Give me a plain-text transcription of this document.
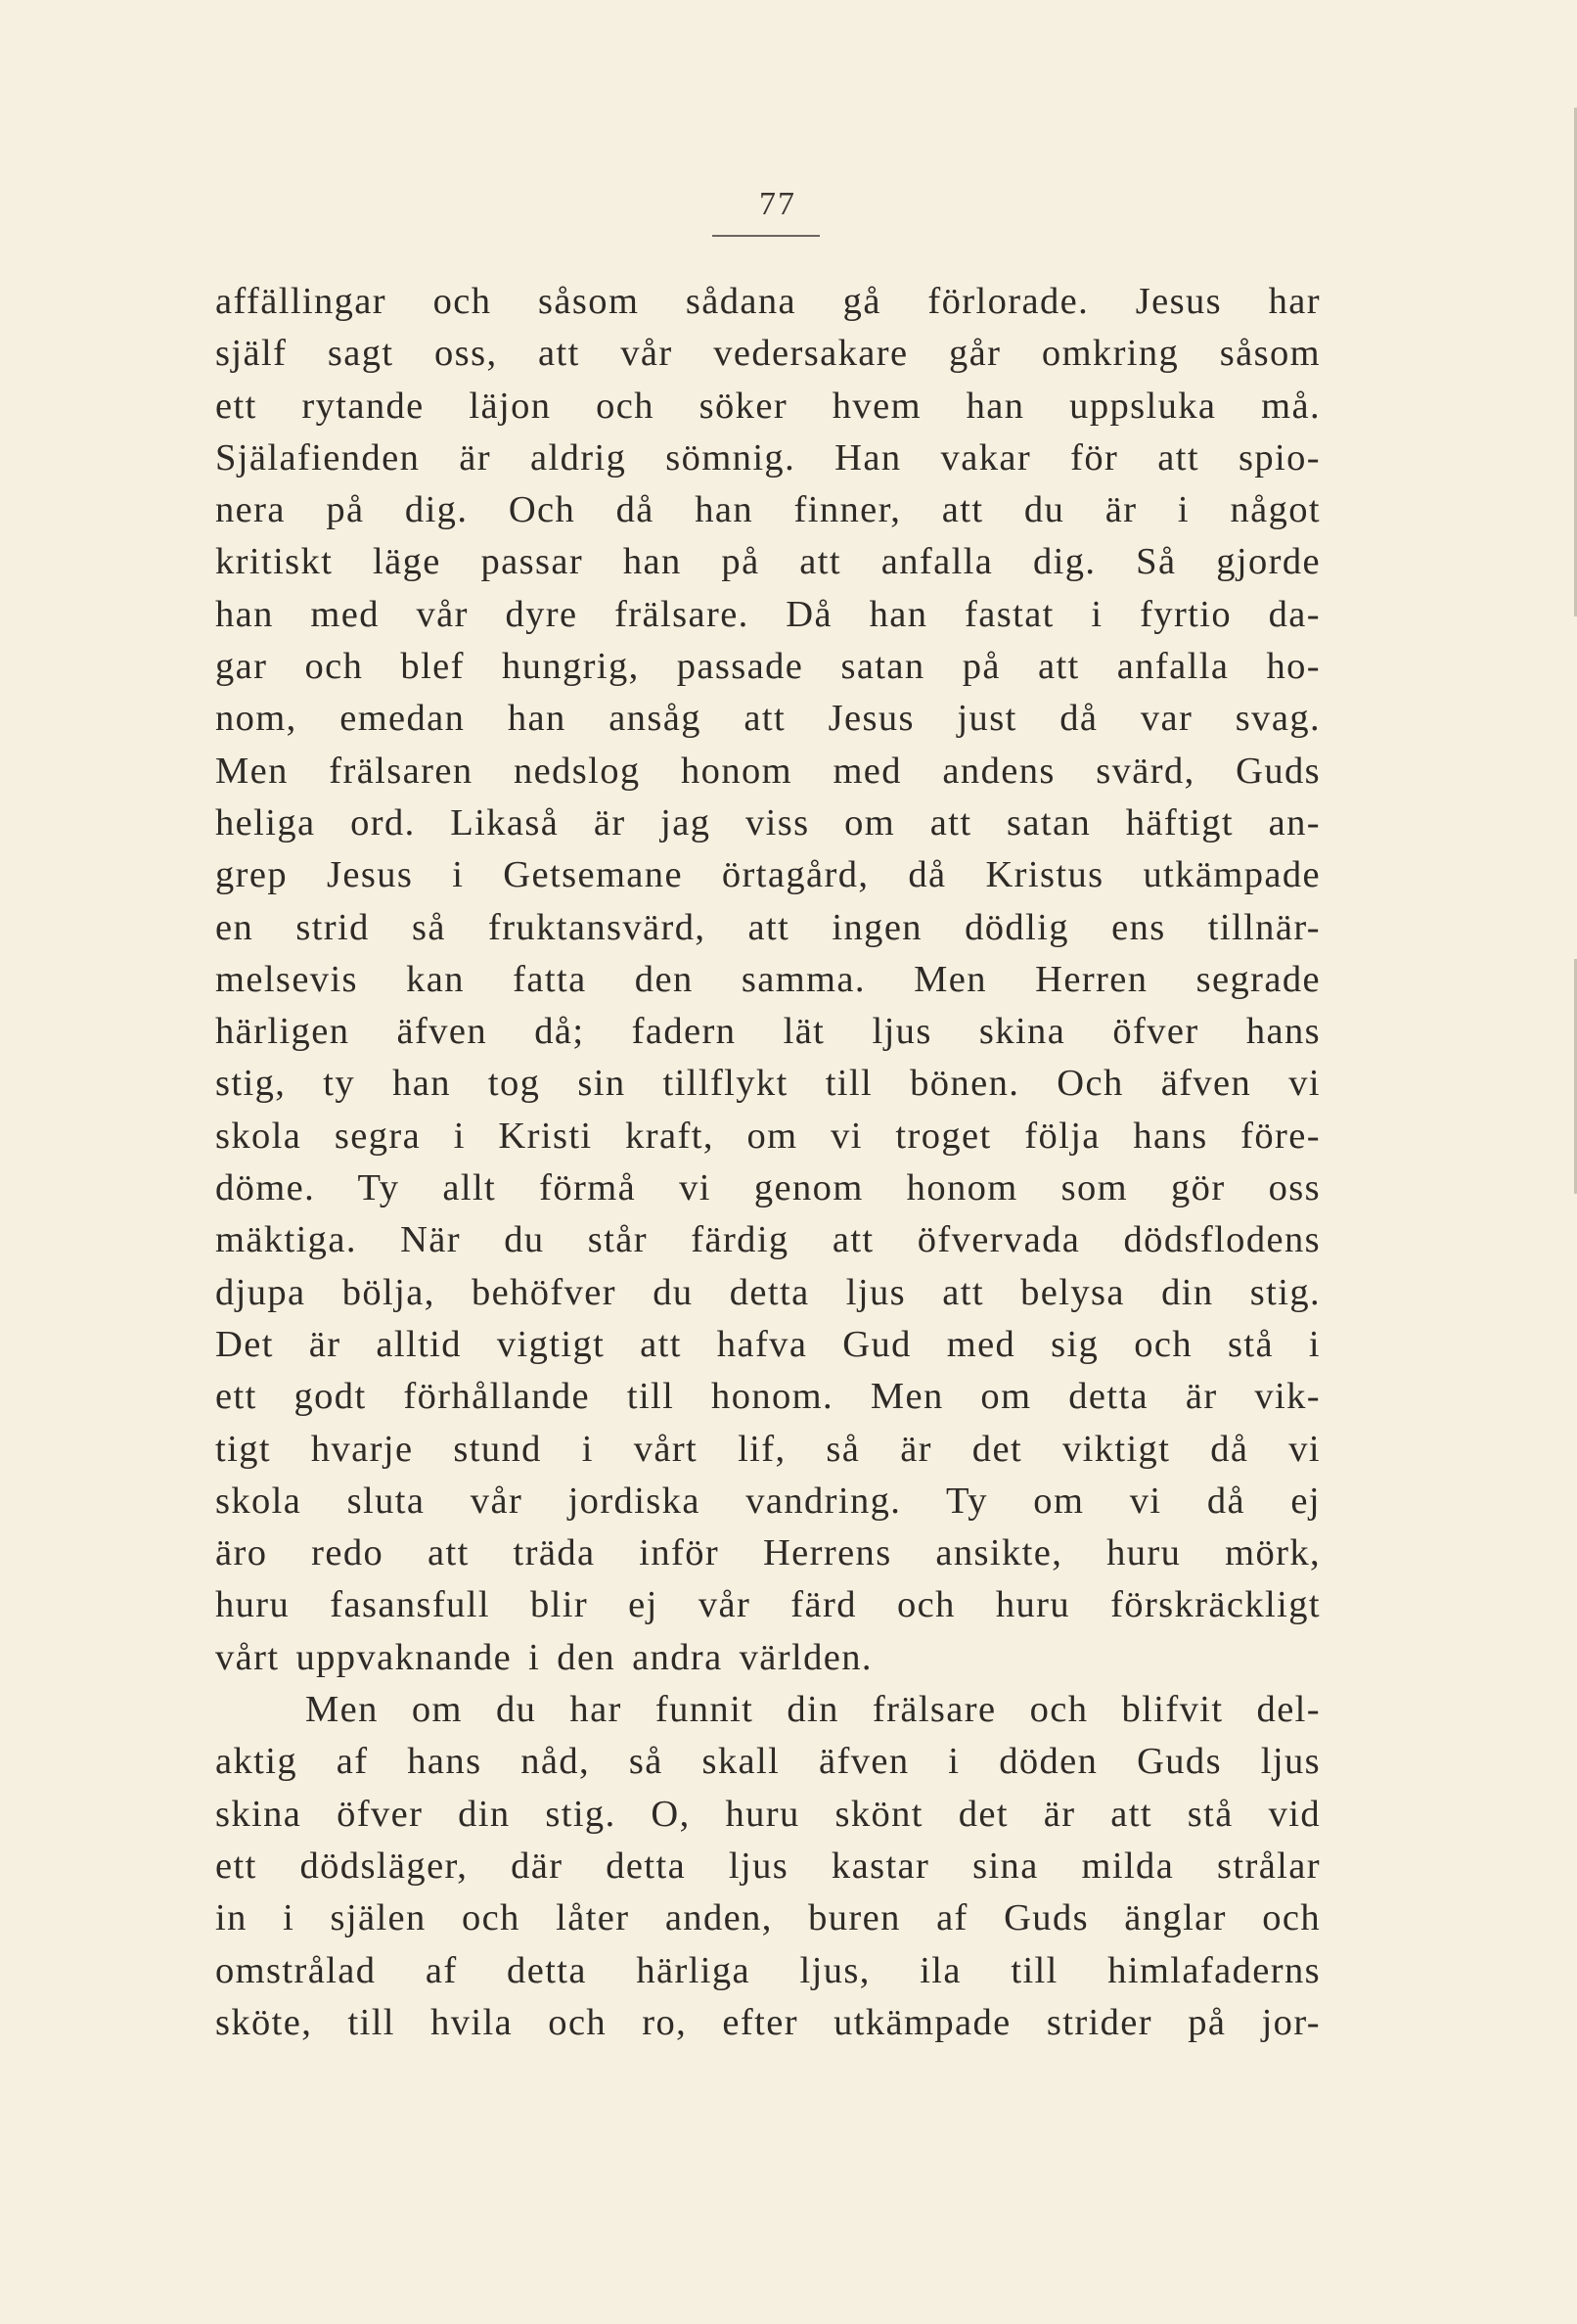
77
affällingar och såsom sådana gå förlorade. Jesus har
själf sagt oss, att vår vedersakare går omkring såsom
ett rytande läjon och söker hvem han uppsluka må.
Själafienden är aldrig sömnig. Han vakar för att spio-
nera på dig. Och då han finner, att du är i något
kritiskt läge passar han på att anfalla dig. Så gjorde
han med vår dyre frälsare. Då han fastat i fyrtio da-
gar och blef hungrig, passade satan på att anfalla ho-
nom, emedan han ansåg att Jesus just då var svag.
Men frälsaren nedslog honom med andens svärd, Guds
heliga ord. Likaså är jag viss om att satan häftigt an-
grep Jesus i Getsemane örtagård, då Kristus utkämpade
en strid så fruktansvärd, att ingen dödlig ens tillnär-
melsevis kan fatta den samma. Men Herren segrade
härligen äfven då; fadern lät ljus skina öfver hans
stig, ty han tog sin tillflykt till bönen. Och äfven vi
skola segra i Kristi kraft, om vi troget följa hans före-
döme. Ty allt förmå vi genom honom som gör oss
mäktiga. När du står färdig att öfvervada dödsflodens
djupa bölja, behöfver du detta ljus att belysa din stig.
Det är alltid vigtigt att hafva Gud med sig och stå i
ett godt förhållande till honom. Men om detta är vik-
tigt hvarje stund i vårt lif, så är det viktigt då vi
skola sluta vår jordiska vandring. Ty om vi då ej
äro redo att träda inför Herrens ansikte, huru mörk,
huru fasansfull blir ej vår färd och huru förskräckligt
vårt uppvaknande i den andra världen.
Men om du har funnit din frälsare och blifvit del-
aktig af hans nåd, så skall äfven i döden Guds ljus
skina öfver din stig. O, huru skönt det är att stå vid
ett dödsläger, där detta ljus kastar sina milda strålar
in i själen och låter anden, buren af Guds änglar och
omstrålad af detta härliga ljus, ila till himlafaderns
sköte, till hvila och ro, efter utkämpade strider på jor-
